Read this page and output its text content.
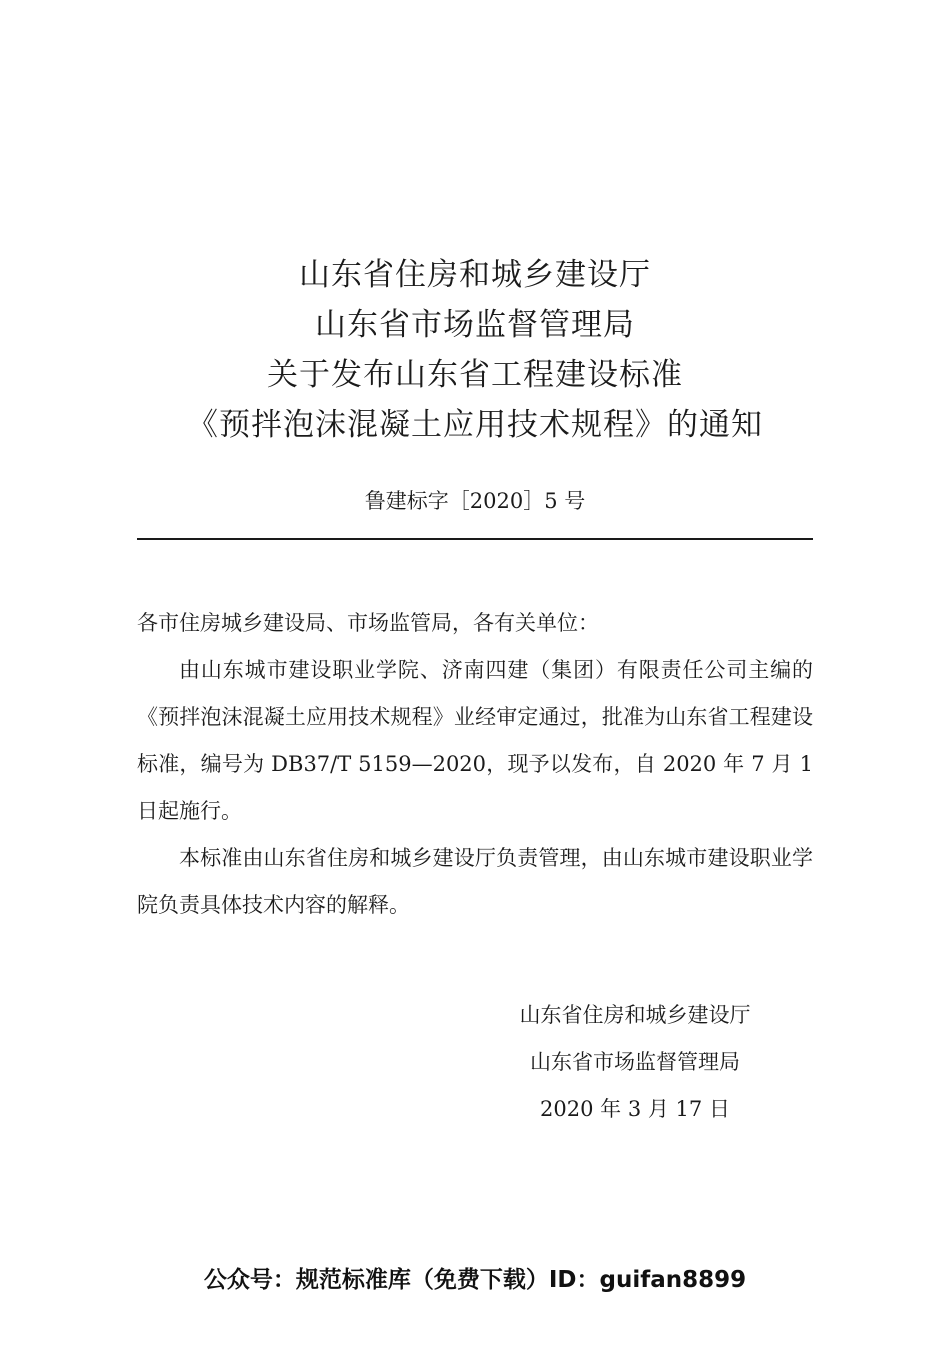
山东省住房和城乡建设厅
山东省市场监督管理局
关于发布山东省工程建设标准
《预拌泡沫混凝土应用技术规程》的通知
鲁建标字［2020］5 号

各市住房城乡建设局、市场监管局，各有关单位：

由山东城市建设职业学院、济南四建（集团）有限责任公司主编的《预拌泡沫混凝土应用技术规程》业经审定通过，批准为山东省工程建设标准，编号为 DB37/T 5159—2020，现予以发布，自 2020 年 7 月 1 日起施行。

本标准由山东省住房和城乡建设厅负责管理，由山东城市建设职业学院负责具体技术内容的解释。

山东省住房和城乡建设厅
山东省市场监督管理局
2020 年 3 月 17 日
公众号：规范标准库（免费下载）ID：guifan8899
